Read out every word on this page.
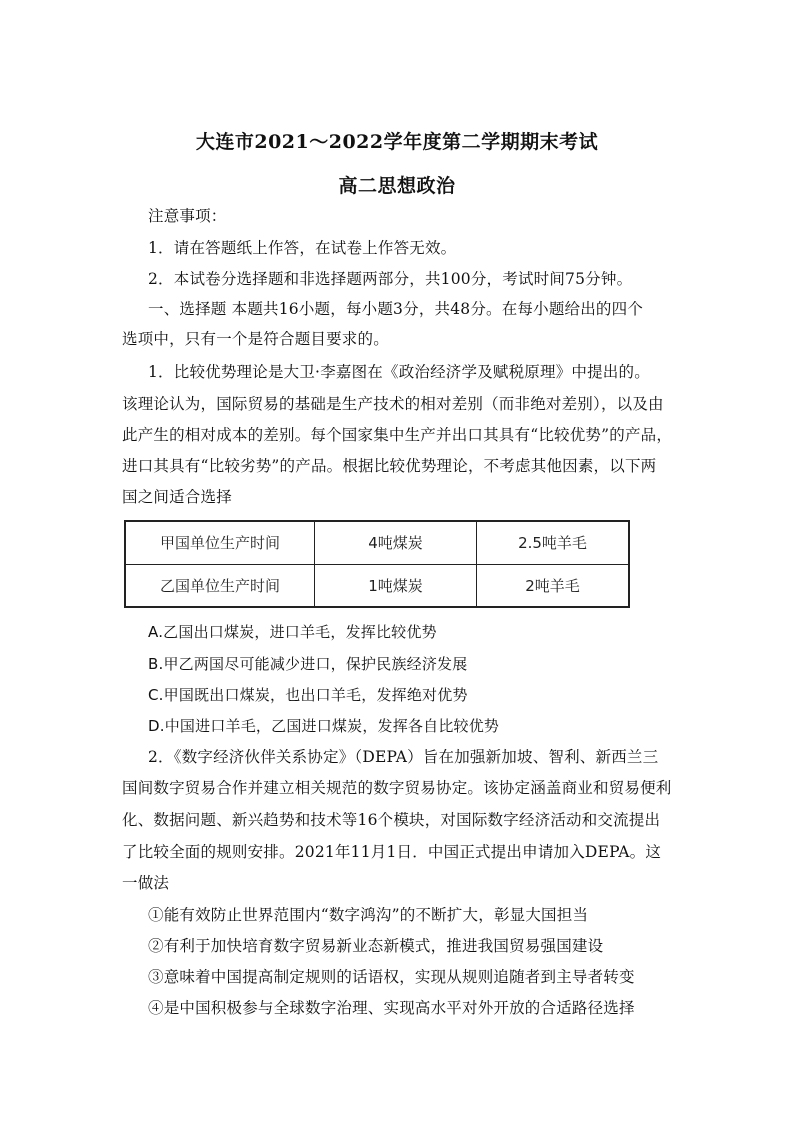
大连市2021～2022学年度第二学期期末考试
高二思想政治
注意事项：
1．请在答题纸上作答，在试卷上作答无效。
2．本试卷分选择题和非选择题两部分，共100分，考试时间75分钟。
一、选择题 本题共16小题，每小题3分，共48分。在每小题给出的四个
选项中，只有一个是符合题目要求的。
1．比较优势理论是大卫·李嘉图在《政治经济学及赋税原理》中提出的。
该理论认为，国际贸易的基础是生产技术的相对差别（而非绝对差别），以及由
此产生的相对成本的差别。每个国家集中生产并出口其具有“比较优势”的产品，
进口其具有“比较劣势”的产品。根据比较优势理论，不考虑其他因素，以下两
国之间适合选择
甲国单位生产时间	4吨煤炭	2.5吨羊毛
乙国单位生产时间	1吨煤炭	2吨羊毛
A.乙国出口煤炭，进口羊毛，发挥比较优势
B.甲乙两国尽可能减少进口，保护民族经济发展
C.甲国既出口煤炭，也出口羊毛，发挥绝对优势
D.中国进口羊毛，乙国进口煤炭，发挥各自比较优势
2．《数字经济伙伴关系协定》（DEPA）旨在加强新加坡、智利、新西兰三
国间数字贸易合作并建立相关规范的数字贸易协定。该协定涵盖商业和贸易便利
化、数据问题、新兴趋势和技术等16个模块，对国际数字经济活动和交流提出
了比较全面的规则安排。2021年11月1日．中国正式提出申请加入DEPA。这
一做法
①能有效防止世界范围内“数字鸿沟”的不断扩大，彰显大国担当
②有利于加快培育数字贸易新业态新模式，推进我国贸易强国建设
③意味着中国提高制定规则的话语权，实现从规则追随者到主导者转变
④是中国积极参与全球数字治理、实现高水平对外开放的合适路径选择
